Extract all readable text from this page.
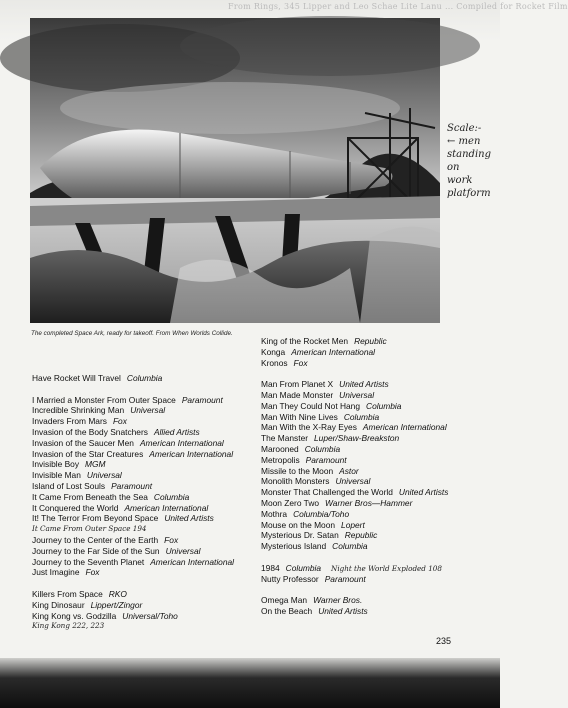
From Rings, 345 Lipper and Leo Schae Lite Lanu ... Compiled for Rocket Film
The completed Space Ark, ready for takeoff. From When Worlds Collide.
Scale:-
← men
standing
on
work
platform
Have Rocket Will Travel Columbia
I Married a Monster From Outer Space Paramount
Incredible Shrinking Man Universal
Invaders From Mars Fox
Invasion of the Body Snatchers Allied Artists
Invasion of the Saucer Men American International
Invasion of the Star Creatures American International
Invisible Boy MGM
Invisible Man Universal
Island of Lost Souls Paramount
It Came From Beneath the Sea Columbia
It Conquered the World American International
It! The Terror From Beyond Space United Artists
It Came From Outer Space 194
Journey to the Center of the Earth Fox
Journey to the Far Side of the Sun Universal
Journey to the Seventh Planet American International
Just Imagine Fox
Killers From Space RKO
King Dinosaur Lippert/Zingor
King Kong vs. Godzilla Universal/Toho
King Kong 222, 223
King of the Rocket Men Republic
Konga American International
Kronos Fox
Man From Planet X United Artists
Man Made Monster Universal
Man They Could Not Hang Columbia
Man With Nine Lives Columbia
Man With the X-Ray Eyes American International
The Manster Luper/Shaw-Breakston
Marooned Columbia
Metropolis Paramount
Missile to the Moon Astor
Monolith Monsters Universal
Monster That Challenged the World United Artists
Moon Zero Two Warner Bros—Hammer
Mothra Columbia/Toho
Mouse on the Moon Lopert
Mysterious Dr. Satan Republic
Mysterious Island Columbia
1984 Columbia Night the World Exploded 108
Nutty Professor Paramount
Omega Man Warner Bros.
On the Beach United Artists
235
